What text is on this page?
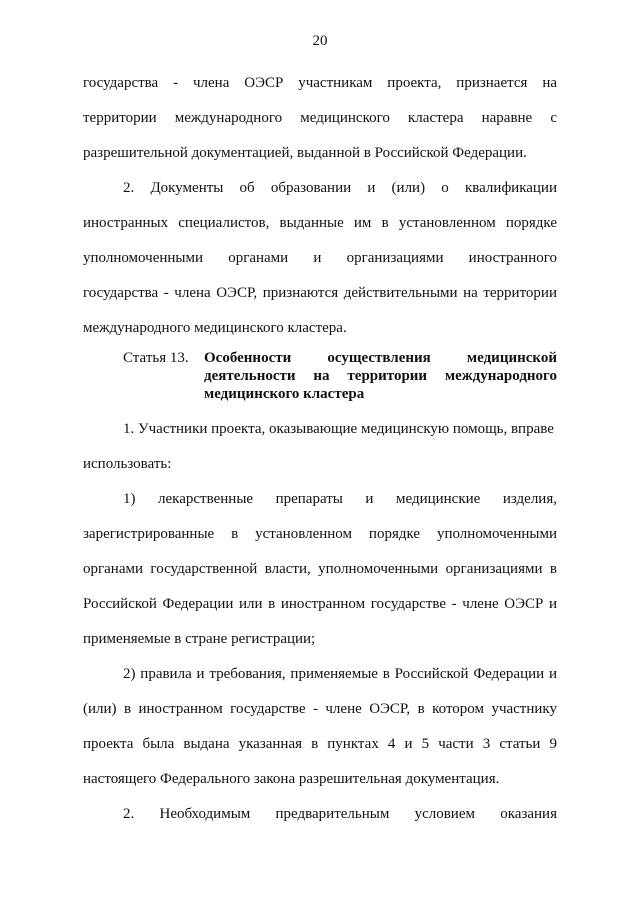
20
государства - члена ОЭСР участникам проекта, признается на
территории международного медицинского кластера наравне с
разрешительной документацией, выданной в Российской Федерации.
2. Документы об образовании и (или) о квалификации
иностранных специалистов, выданные им в установленном порядке
уполномоченными органами и организациями иностранного
государства - члена ОЭСР, признаются действительными на территории
международного медицинского кластера.
Статья 13. Особенности осуществления медицинской
деятельности на территории международного
медицинского кластера
1. Участники проекта, оказывающие медицинскую помощь, вправе
использовать:
1) лекарственные препараты и медицинские изделия,
зарегистрированные в установленном порядке уполномоченными
органами государственной власти, уполномоченными организациями в
Российской Федерации или в иностранном государстве - члене ОЭСР и
применяемые в стране регистрации;
2) правила и требования, применяемые в Российской Федерации и
(или) в иностранном государстве - члене ОЭСР, в котором участнику
проекта была выдана указанная в пунктах 4 и 5 части 3 статьи 9
настоящего Федерального закона разрешительная документация.
2. Необходимым предварительным условием оказания
